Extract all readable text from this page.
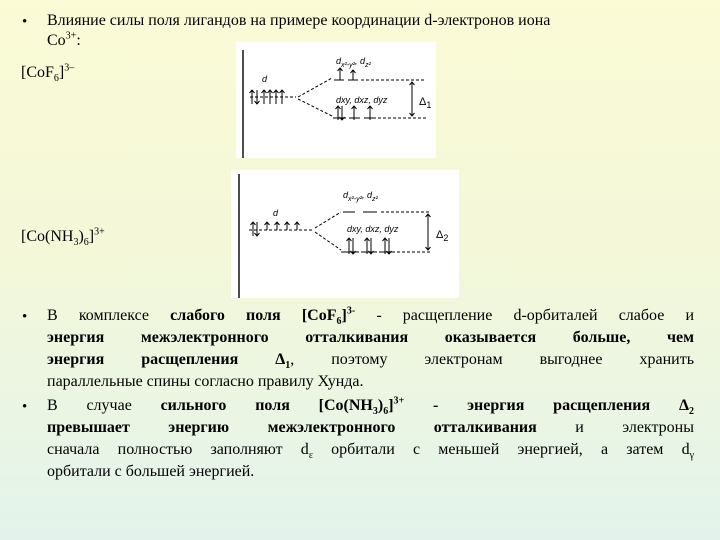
• Влияние силы поля лигандов на примере координации d-электронов иона
$Co^{3+}$:
$[CoF_6]^{3-}$
d
$d_{x^2-y^2}$, $d_{z^2}$
dxy, dxz, dyz	$\Delta_1$
$[Co(NH_3)_6]^{3+}$
d
$d_{x^2-y^2}$, $d_{z^2}$
dxy, dxz, dyz	$\Delta_2$
• В комплексе слабого поля $[CoF_6]^{3-}$ - расщепление d-орбиталей слабое и
энергия межэлектронного отталкивания оказывается больше, чем
энергия расщепления $\Delta_1$, поэтому электронам выгоднее хранить
параллельные спины согласно правилу Хунда.
• В случае сильного поля $[Co(NH_3)_6]^{3+}$ - энергия расщепления $\Delta_2$
превышает энергию межэлектронного отталкивания и электроны
сначала полностью заполняют $d_\varepsilon$ орбитали с меньшей энергией, а затем $d_\gamma$
орбитали с большей энергией.
